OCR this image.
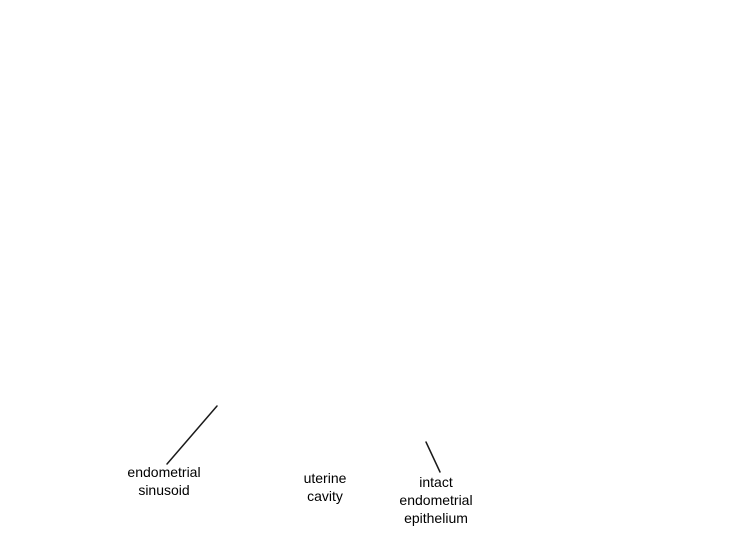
endometrial
sinusoid
uterine
cavity
intact
endometrial
epithelium
